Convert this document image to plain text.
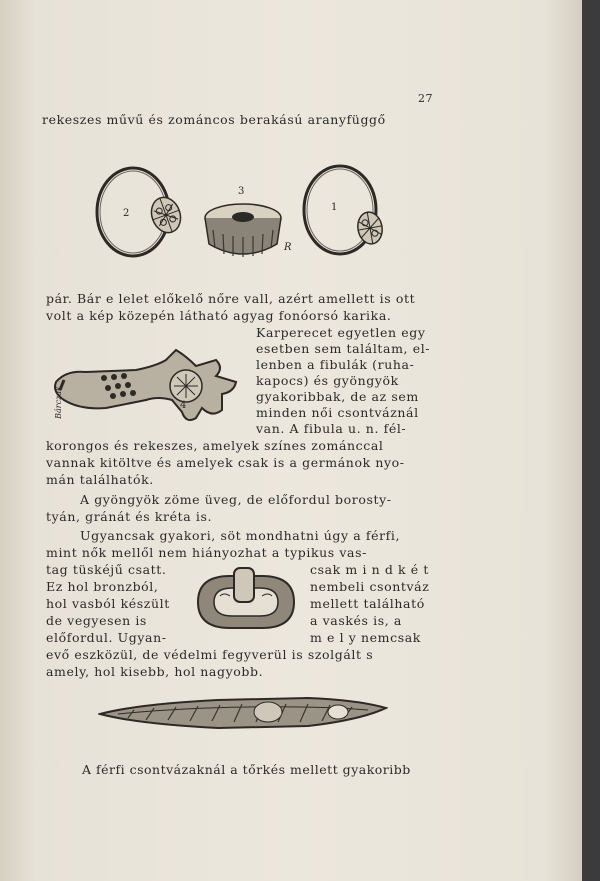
27
rekeszes művű és zománcos berakású aranyfüggő
2
3
1
R
pár. Bár e lelet előkelő nőre vall, azért amellett is ott
volt a kép közepén látható agyag fonóorsó karika.
4
Bárczak
Karperecet egyetlen egy
esetben sem találtam, el-
lenben a fibulák (ruha-
kapocs) és gyöngyök
gyakoribbak, de az sem
minden női csontváznál
van. A fibula u. n. fél-
korongos és rekeszes, amelyek színes zománccal
vannak kitöltve és amelyek csak is a germánok nyo-
mán találhatók.
A gyöngyök zöme üveg, de előfordul borosty-
tyán, gránát és kréta is.
Ugyancsak gyakori, söt mondhatni úgy a férfi,
mint nők mellől nem hiányozhat a typikus vas-
tag tüskéjű csatt.
Ez hol bronzból,
hol vasból készült
de vegyesen is
előfordul. Ugyan-
csak m i n d k é t
nembeli csontváz
mellett található
a vaskés is, a
m e l y nemcsak
evő eszközül, de védelmi fegyverül is szolgált s
amely, hol kisebb, hol nagyobb.
A férfi csontvázaknál a tőrkés mellett gyakoribb
